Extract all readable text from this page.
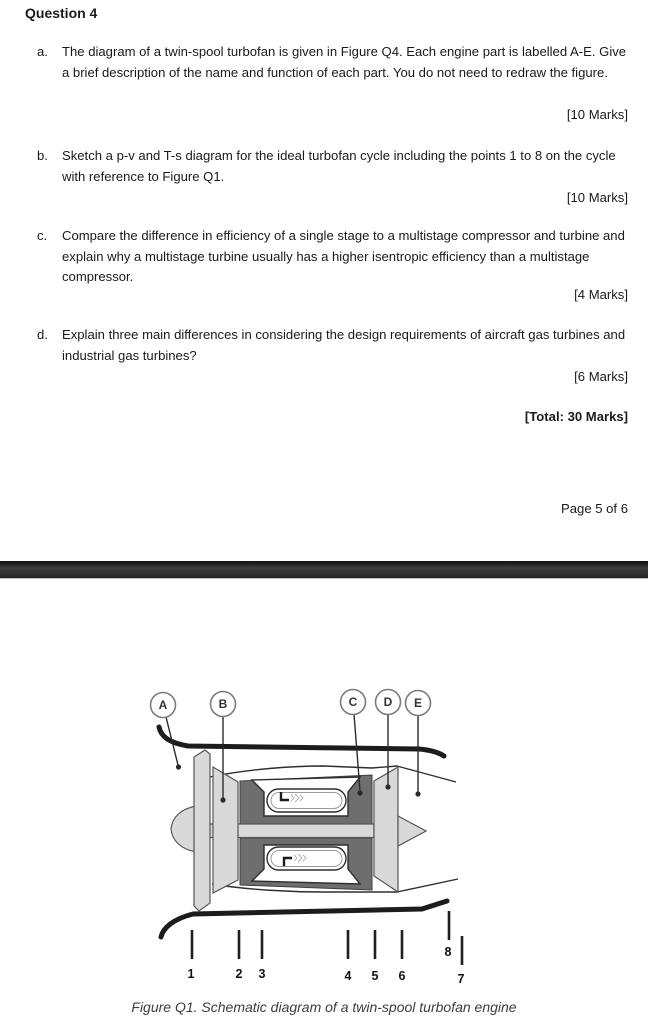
Question 4
a. The diagram of a twin-spool turbofan is given in Figure Q4. Each engine part is labelled A-E. Give a brief description of the name and function of each part. You do not need to redraw the figure.
[10 Marks]
b. Sketch a p-v and T-s diagram for the ideal turbofan cycle including the points 1 to 8 on the cycle with reference to Figure Q1.
[10 Marks]
c. Compare the difference in efficiency of a single stage to a multistage compressor and turbine and explain why a multistage turbine usually has a higher isentropic efficiency than a multistage compressor.
[4 Marks]
d. Explain three main differences in considering the design requirements of aircraft gas turbines and industrial gas turbines?
[6 Marks]
[Total: 30 Marks]
Page 5 of 6
A	B	C D E
1	2 3	4 5 6	7
8
Figure Q1. Schematic diagram of a twin-spool turbofan engine
